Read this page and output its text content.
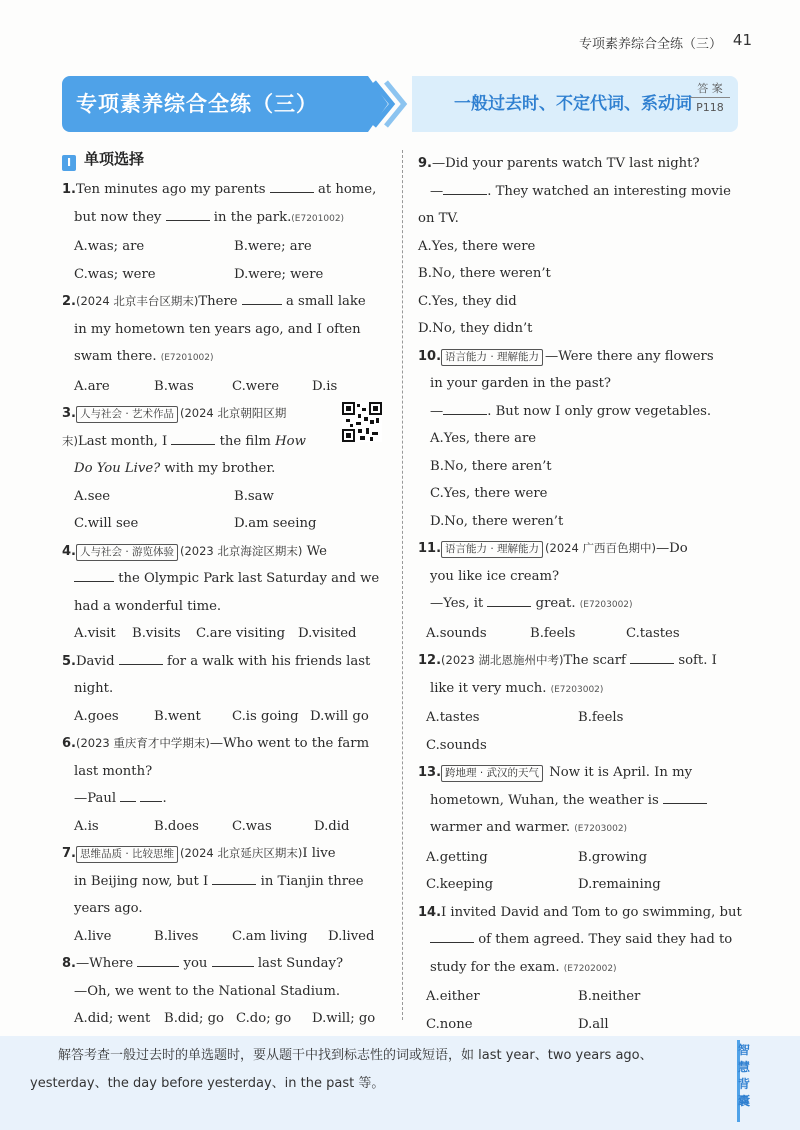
专项素养综合全练（三） 41
专项素养综合全练（三）	一般过去时、不定代词、系动词
答 案
P118
I 单项选择
1.Ten minutes ago my parents	at home,
but now they	in the park.(E7201002)
A.was; are	B.were; are
C.was; were	D.were; were
2.(2024 北京丰台区期末)There	a small lake
in my hometown ten years ago, and I often
swam there. (E7201002)
A.are	B.was	C.were	D.is
3. 人与社会 · 艺术作品 (2024 北京朝阳区期
末)Last month, I	the film How
Do You Live? with my brother.
A.see	B.saw
C.will see	D.am seeing
4. 人与社会 · 游览体验 (2023 北京海淀区期末) We
the Olympic Park last Saturday and we
had a wonderful time.
A.visit	B.visits	C.are visiting D.visited
5.David	for a walk with his friends last
night.
A.goes	B.went	C.is going D.will go
6.(2023 重庆育才中学期末)—Who went to the farm
last month?
—Paul	.
A.is	B.does	C.was	D.did
7. 思维品质 · 比较思维 (2024 北京延庆区期末)I live
in Beijing now, but I	in Tianjin three
years ago.
A.live	B.lives	C.am living	D.lived
8.—Where	you	last Sunday?
—Oh, we went to the National Stadium.
A.did; went	B.did; go C.do; go	D.will; go
9.—Did your parents watch TV last night?
—	. They watched an interesting movie
on TV.
A.Yes, there were
B.No, there weren’t
C.Yes, they did
D.No, they didn’t
10. 语言能力 · 理解能力 —Were there any flowers
in your garden in the past?
—	. But now I only grow vegetables.
A.Yes, there are
B.No, there aren’t
C.Yes, there were
D.No, there weren’t
11. 语言能力 · 理解能力 (2024 广西百色期中)—Do
you like ice cream?
—Yes, it	great. (E7203002)
A.sounds	B.feels	C.tastes
12.(2023 湖北恩施州中考)The scarf	soft. I
like it very much. (E7203002)
A.tastes	B.feels
C.sounds
13. 跨地理 · 武汉的天气 Now it is April. In my
hometown, Wuhan, the weather is
warmer and warmer. (E7203002)
A.getting	B.growing
C.keeping	D.remaining
14.I invited David and Tom to go swimming, but
of them agreed. They said they had to
study for the exam. (E7202002)
A.either	B.neither
C.none	D.all
解答考查一般过去时的单选题时，要从题干中找到标志性的词或短语，如 last year、two years ago、
yesterday、the day before yesterday、in the past 等。
智慧背囊
